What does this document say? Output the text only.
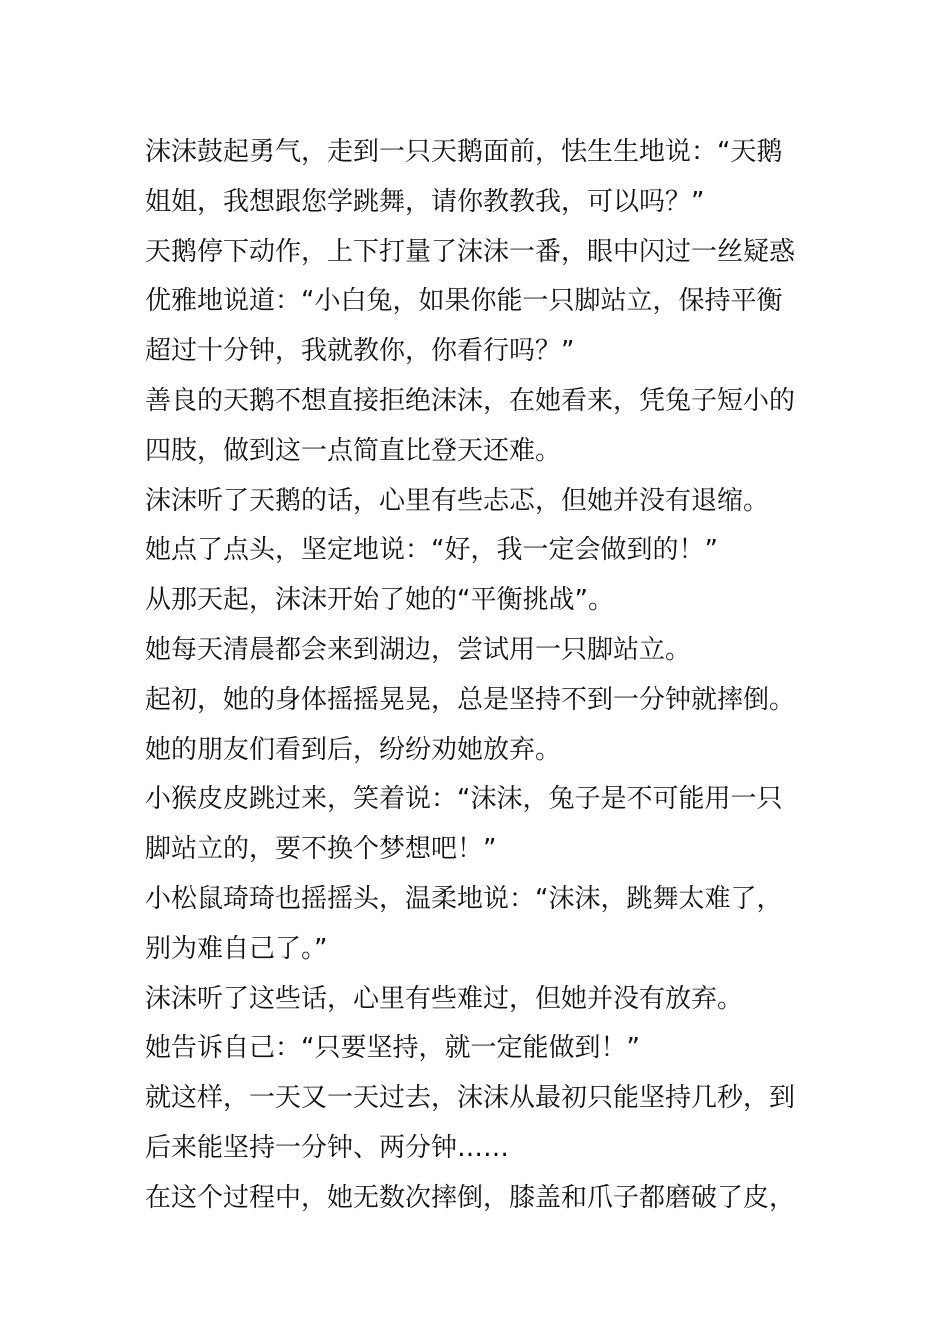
沫沫鼓起勇气，走到一只天鹅面前，怯生生地说：“天鹅
姐姐，我想跟您学跳舞，请你教教我，可以吗？”
天鹅停下动作，上下打量了沫沫一番，眼中闪过一丝疑惑
优雅地说道：“小白兔，如果你能一只脚站立，保持平衡
超过十分钟，我就教你，你看行吗？”
善良的天鹅不想直接拒绝沫沫，在她看来，凭兔子短小的
四肢，做到这一点简直比登天还难。
沫沫听了天鹅的话，心里有些忐忑，但她并没有退缩。
她点了点头，坚定地说：“好，我一定会做到的！”
从那天起，沫沫开始了她的“平衡挑战”。
她每天清晨都会来到湖边，尝试用一只脚站立。
起初，她的身体摇摇晃晃，总是坚持不到一分钟就摔倒。
她的朋友们看到后，纷纷劝她放弃。
小猴皮皮跳过来，笑着说：“沫沫，兔子是不可能用一只
脚站立的，要不换个梦想吧！”
小松鼠琦琦也摇摇头，温柔地说：“沫沫，跳舞太难了，
别为难自己了。”
沫沫听了这些话，心里有些难过，但她并没有放弃。
她告诉自己：“只要坚持，就一定能做到！”
就这样，一天又一天过去，沫沫从最初只能坚持几秒，到
后来能坚持一分钟、两分钟……
在这个过程中，她无数次摔倒，膝盖和爪子都磨破了皮，
